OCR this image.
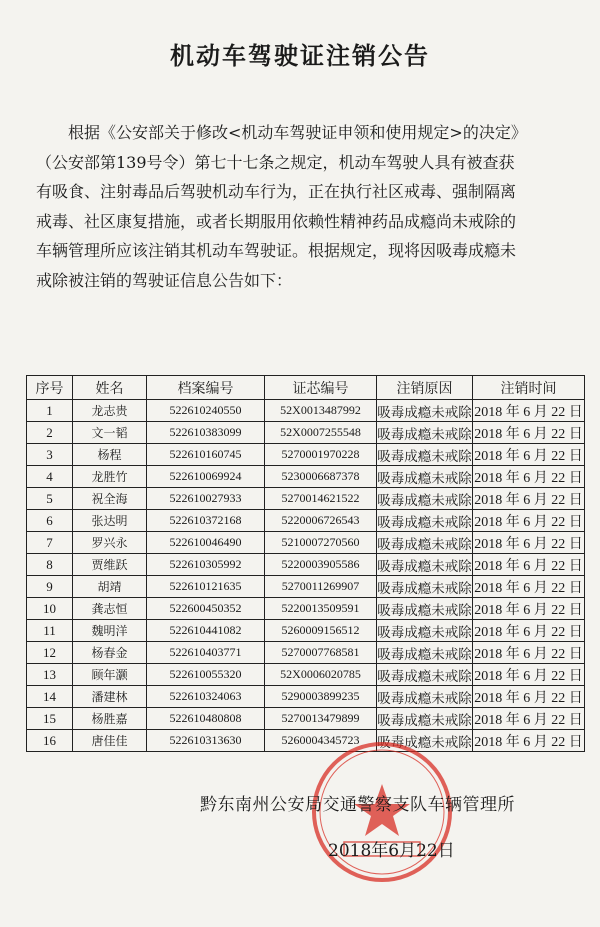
机动车驾驶证注销公告

根据《公安部关于修改<机动车驾驶证申领和使用规定>的决定》

（公安部第139号令）第七十七条之规定，机动车驾驶人具有被查获

有吸食、注射毒品后驾驶机动车行为，正在执行社区戒毒、强制隔离

戒毒、社区康复措施，或者长期服用依赖性精神药品成瘾尚未戒除的

车辆管理所应该注销其机动车驾驶证。根据规定，现将因吸毒成瘾未

戒除被注销的驾驶证信息公告如下：

序号	姓名	档案编号	证芯编号	注销原因	注销时间
1	龙志贵	522610240550	52X0013487992	吸毒成瘾未戒除	2018 年 6 月 22 日
2	文一韬	522610383099	52X0007255548	吸毒成瘾未戒除	2018 年 6 月 22 日
3	杨程	522610160745	5270001970228	吸毒成瘾未戒除	2018 年 6 月 22 日
4	龙胜竹	522610069924	5230006687378	吸毒成瘾未戒除	2018 年 6 月 22 日
5	祝全海	522610027933	5270014621522	吸毒成瘾未戒除	2018 年 6 月 22 日
6	张达明	522610372168	5220006726543	吸毒成瘾未戒除	2018 年 6 月 22 日
7	罗兴永	522610046490	5210007270560	吸毒成瘾未戒除	2018 年 6 月 22 日
8	贾维跃	522610305992	5220003905586	吸毒成瘾未戒除	2018 年 6 月 22 日
9	胡靖	522610121635	5270011269907	吸毒成瘾未戒除	2018 年 6 月 22 日
10	龚志恒	522600450352	5220013509591	吸毒成瘾未戒除	2018 年 6 月 22 日
11	魏明洋	522610441082	5260009156512	吸毒成瘾未戒除	2018 年 6 月 22 日
12	杨春金	522610403771	5270007768581	吸毒成瘾未戒除	2018 年 6 月 22 日
13	顾年灏	522610055320	52X0006020785	吸毒成瘾未戒除	2018 年 6 月 22 日
14	潘建林	522610324063	5290003899235	吸毒成瘾未戒除	2018 年 6 月 22 日
15	杨胜嘉	522610480808	5270013479899	吸毒成瘾未戒除	2018 年 6 月 22 日
16	唐佳佳	522610313630	5260004345723	吸毒成瘾未戒除	2018 年 6 月 22 日
黔东南州公安局交通警察支队车辆管理所
2018年6月22日
